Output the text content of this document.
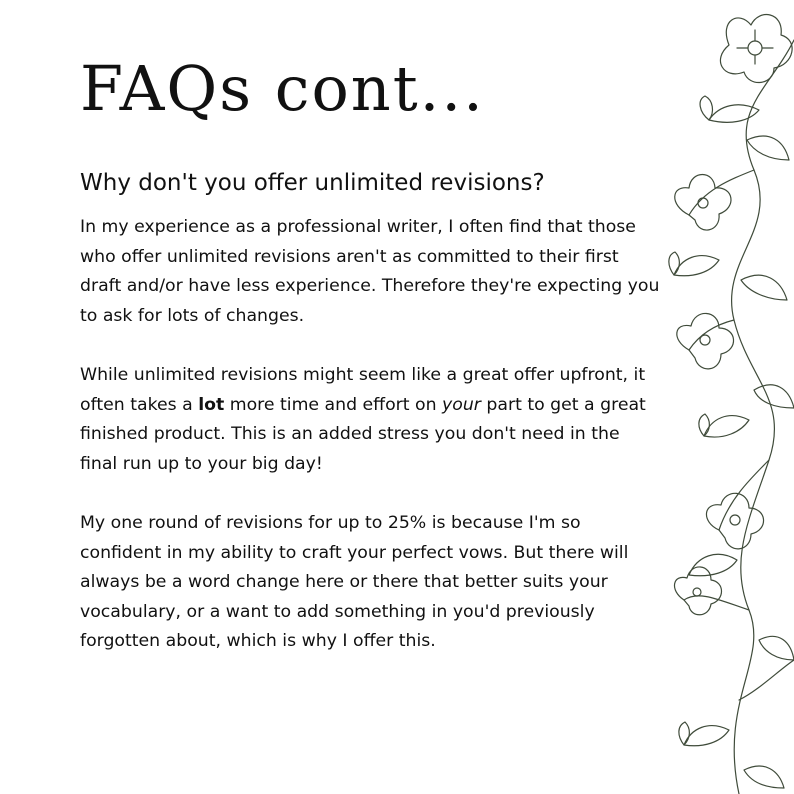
FAQs cont...
Why don't you offer unlimited revisions?

In my experience as a professional writer, I often find that those who offer unlimited revisions aren't as committed to their first draft and/or have less experience. Therefore they're expecting you to ask for lots of changes.

While unlimited revisions might seem like a great offer upfront, it often takes a lot more time and effort on your part to get a great finished product. This is an added stress you don't need in the final run up to your big day!

My one round of revisions for up to 25% is because I'm so confident in my ability to craft your perfect vows. But there will always be a word change here or there that better suits your vocabulary, or a want to add something in you'd previously forgotten about, which is why I offer this.
